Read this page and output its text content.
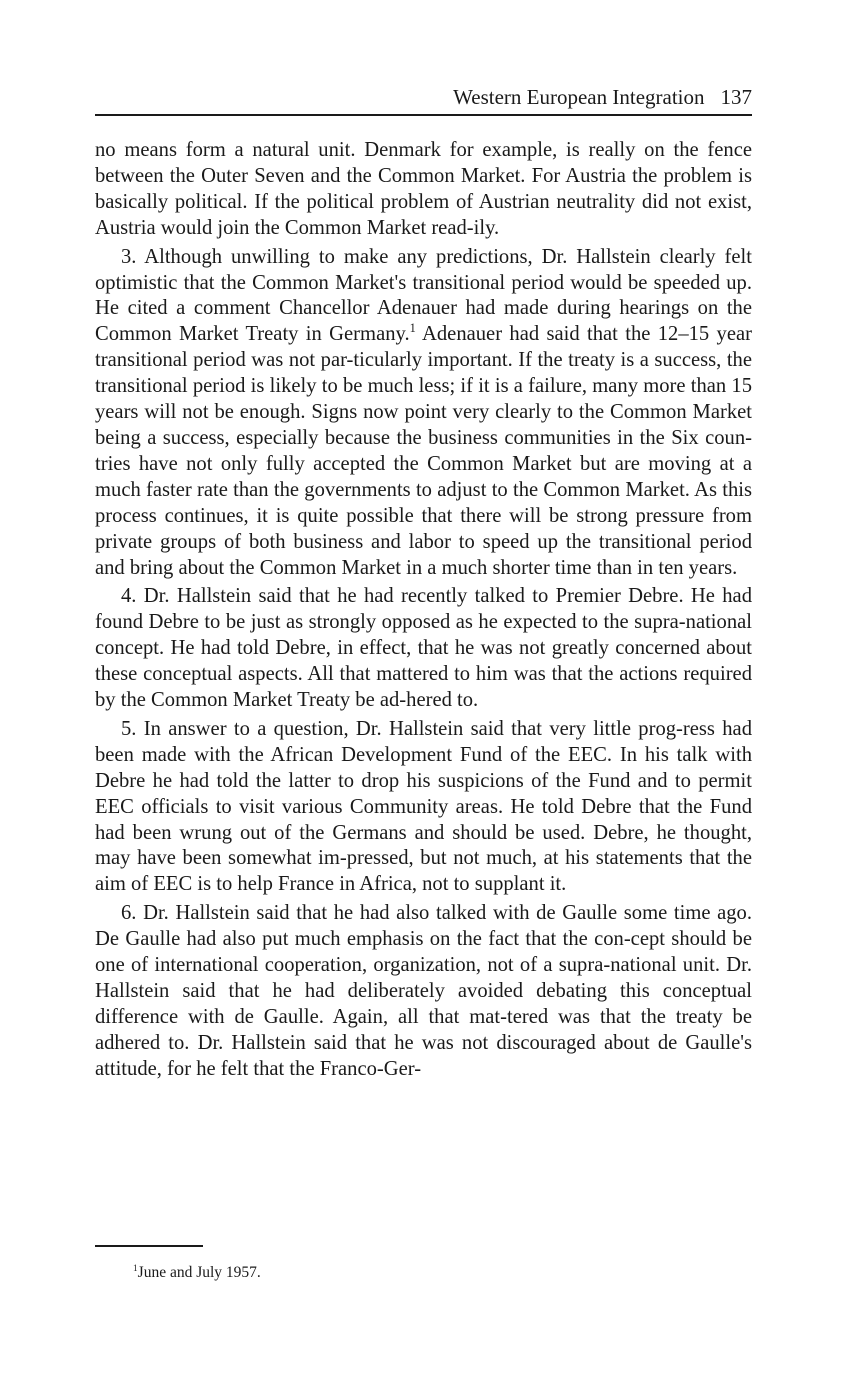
Western European Integration 137

no means form a natural unit. Denmark for example, is really on the fence between the Outer Seven and the Common Market. For Austria the problem is basically political. If the political problem of Austrian neutrality did not exist, Austria would join the Common Market read-ily.

3. Although unwilling to make any predictions, Dr. Hallstein clearly felt optimistic that the Common Market's transitional period would be speeded up. He cited a comment Chancellor Adenauer had made during hearings on the Common Market Treaty in Germany.$^1$ Adenauer had said that the 12–15 year transitional period was not par-ticularly important. If the treaty is a success, the transitional period is likely to be much less; if it is a failure, many more than 15 years will not be enough. Signs now point very clearly to the Common Market being a success, especially because the business communities in the Six coun-tries have not only fully accepted the Common Market but are moving at a much faster rate than the governments to adjust to the Common Market. As this process continues, it is quite possible that there will be strong pressure from private groups of both business and labor to speed up the transitional period and bring about the Common Market in a much shorter time than in ten years.

4. Dr. Hallstein said that he had recently talked to Premier Debre. He had found Debre to be just as strongly opposed as he expected to the supra-national concept. He had told Debre, in effect, that he was not greatly concerned about these conceptual aspects. All that mattered to him was that the actions required by the Common Market Treaty be ad-hered to.

5. In answer to a question, Dr. Hallstein said that very little prog-ress had been made with the African Development Fund of the EEC. In his talk with Debre he had told the latter to drop his suspicions of the Fund and to permit EEC officials to visit various Community areas. He told Debre that the Fund had been wrung out of the Germans and should be used. Debre, he thought, may have been somewhat im-pressed, but not much, at his statements that the aim of EEC is to help France in Africa, not to supplant it.

6. Dr. Hallstein said that he had also talked with de Gaulle some time ago. De Gaulle had also put much emphasis on the fact that the con-cept should be one of international cooperation, organization, not of a supra-national unit. Dr. Hallstein said that he had deliberately avoided debating this conceptual difference with de Gaulle. Again, all that mat-tered was that the treaty be adhered to. Dr. Hallstein said that he was not discouraged about de Gaulle's attitude, for he felt that the Franco-Ger-

$^1$June and July 1957.
